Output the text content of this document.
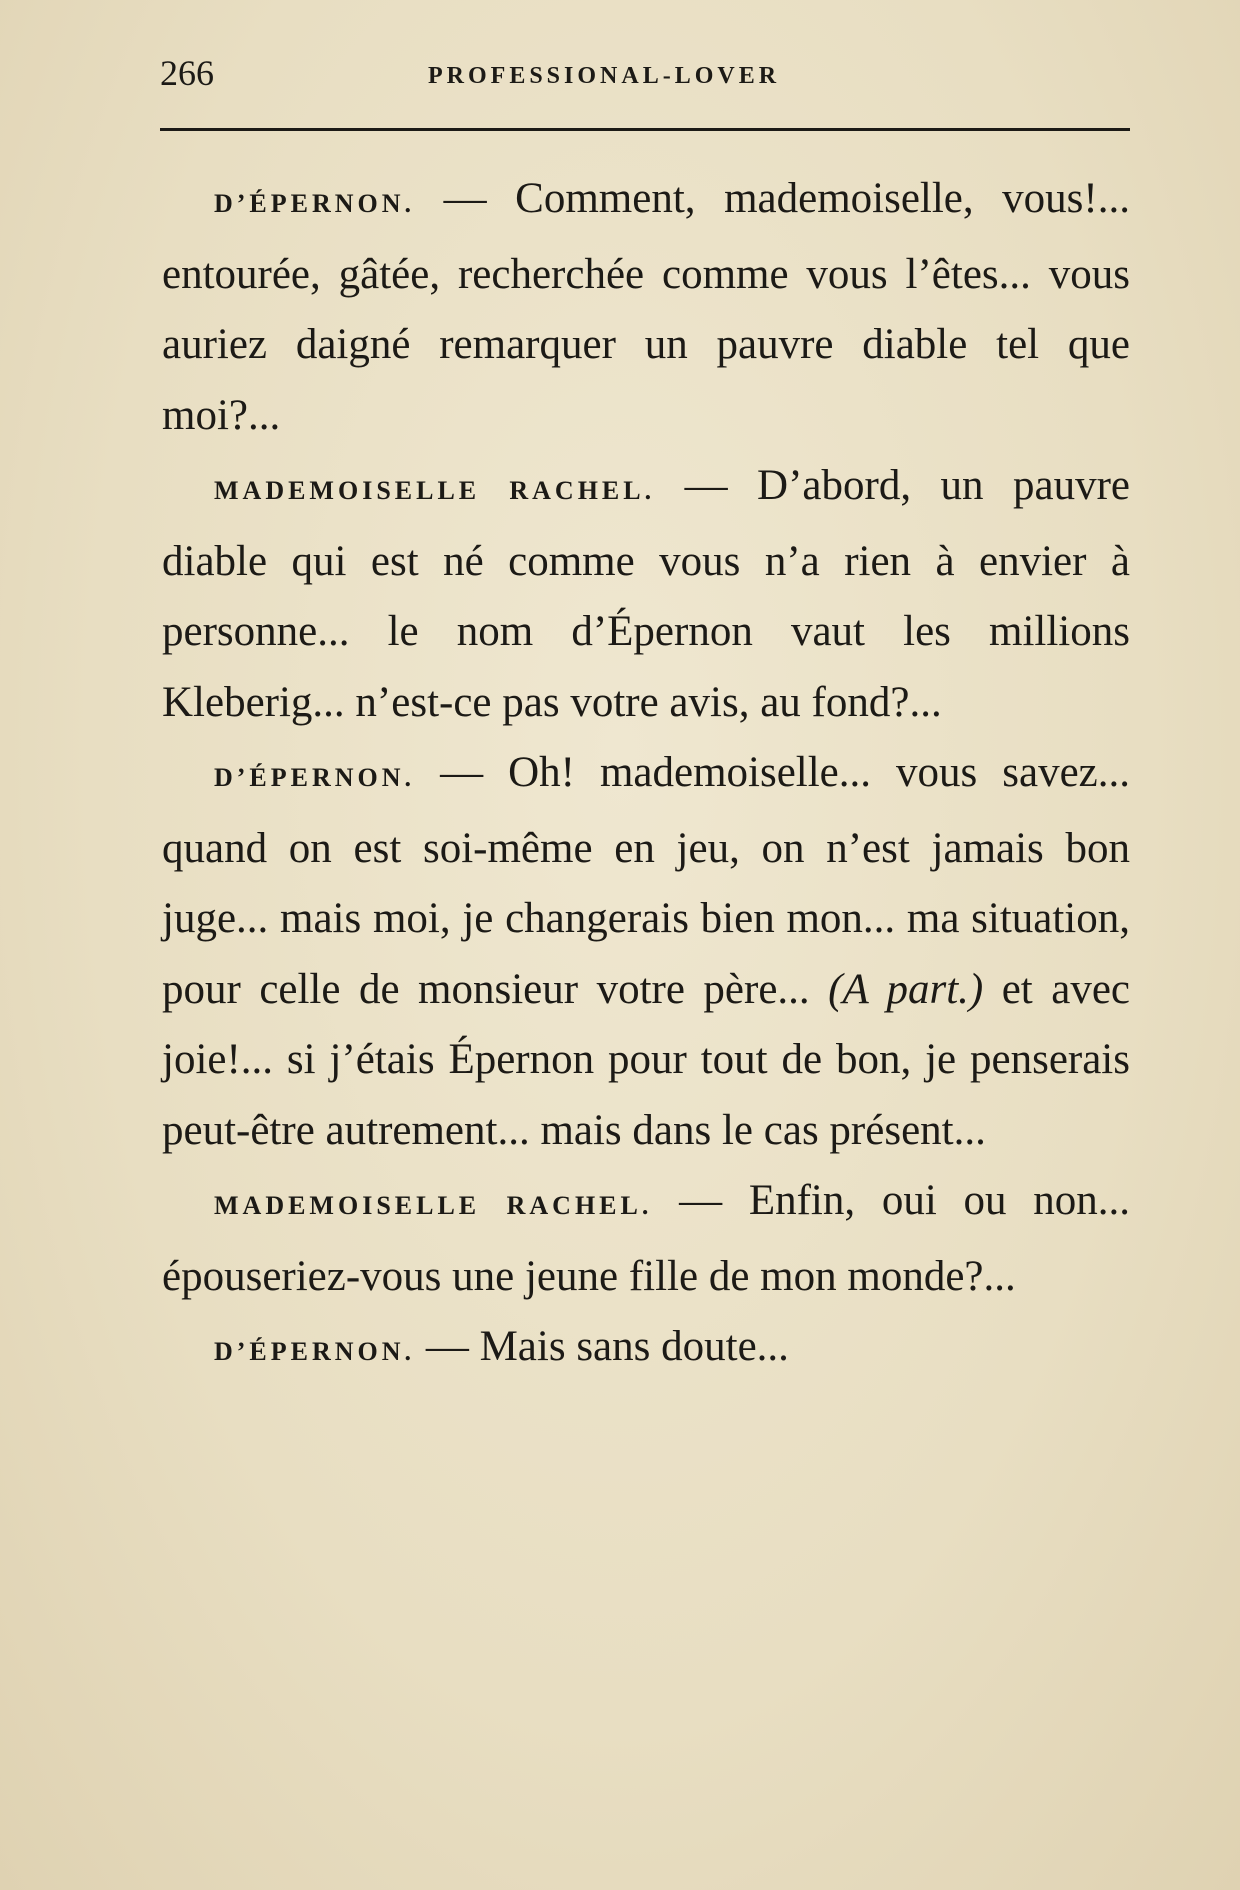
266	PROFESSIONAL-LOVER

D’ÉPERNON. — Comment, mademoiselle, vous!... entourée, gâtée, recherchée comme vous l’êtes... vous auriez daigné remarquer un pauvre diable tel que moi?...

MADEMOISELLE RACHEL. — D’abord, un pauvre diable qui est né comme vous n’a rien à envier à personne... le nom d’Épernon vaut les millions Kleberig... n’est-ce pas votre avis, au fond?...

D’ÉPERNON. — Oh! mademoiselle... vous savez... quand on est soi-même en jeu, on n’est jamais bon juge... mais moi, je changerais bien mon... ma situation, pour celle de monsieur votre père... (A part.) et avec joie!... si j’étais Épernon pour tout de bon, je penserais peut-être autrement... mais dans le cas présent...

MADEMOISELLE RACHEL. — Enfin, oui ou non... épouseriez-vous une jeune fille de mon monde?...

D’ÉPERNON. — Mais sans doute...
